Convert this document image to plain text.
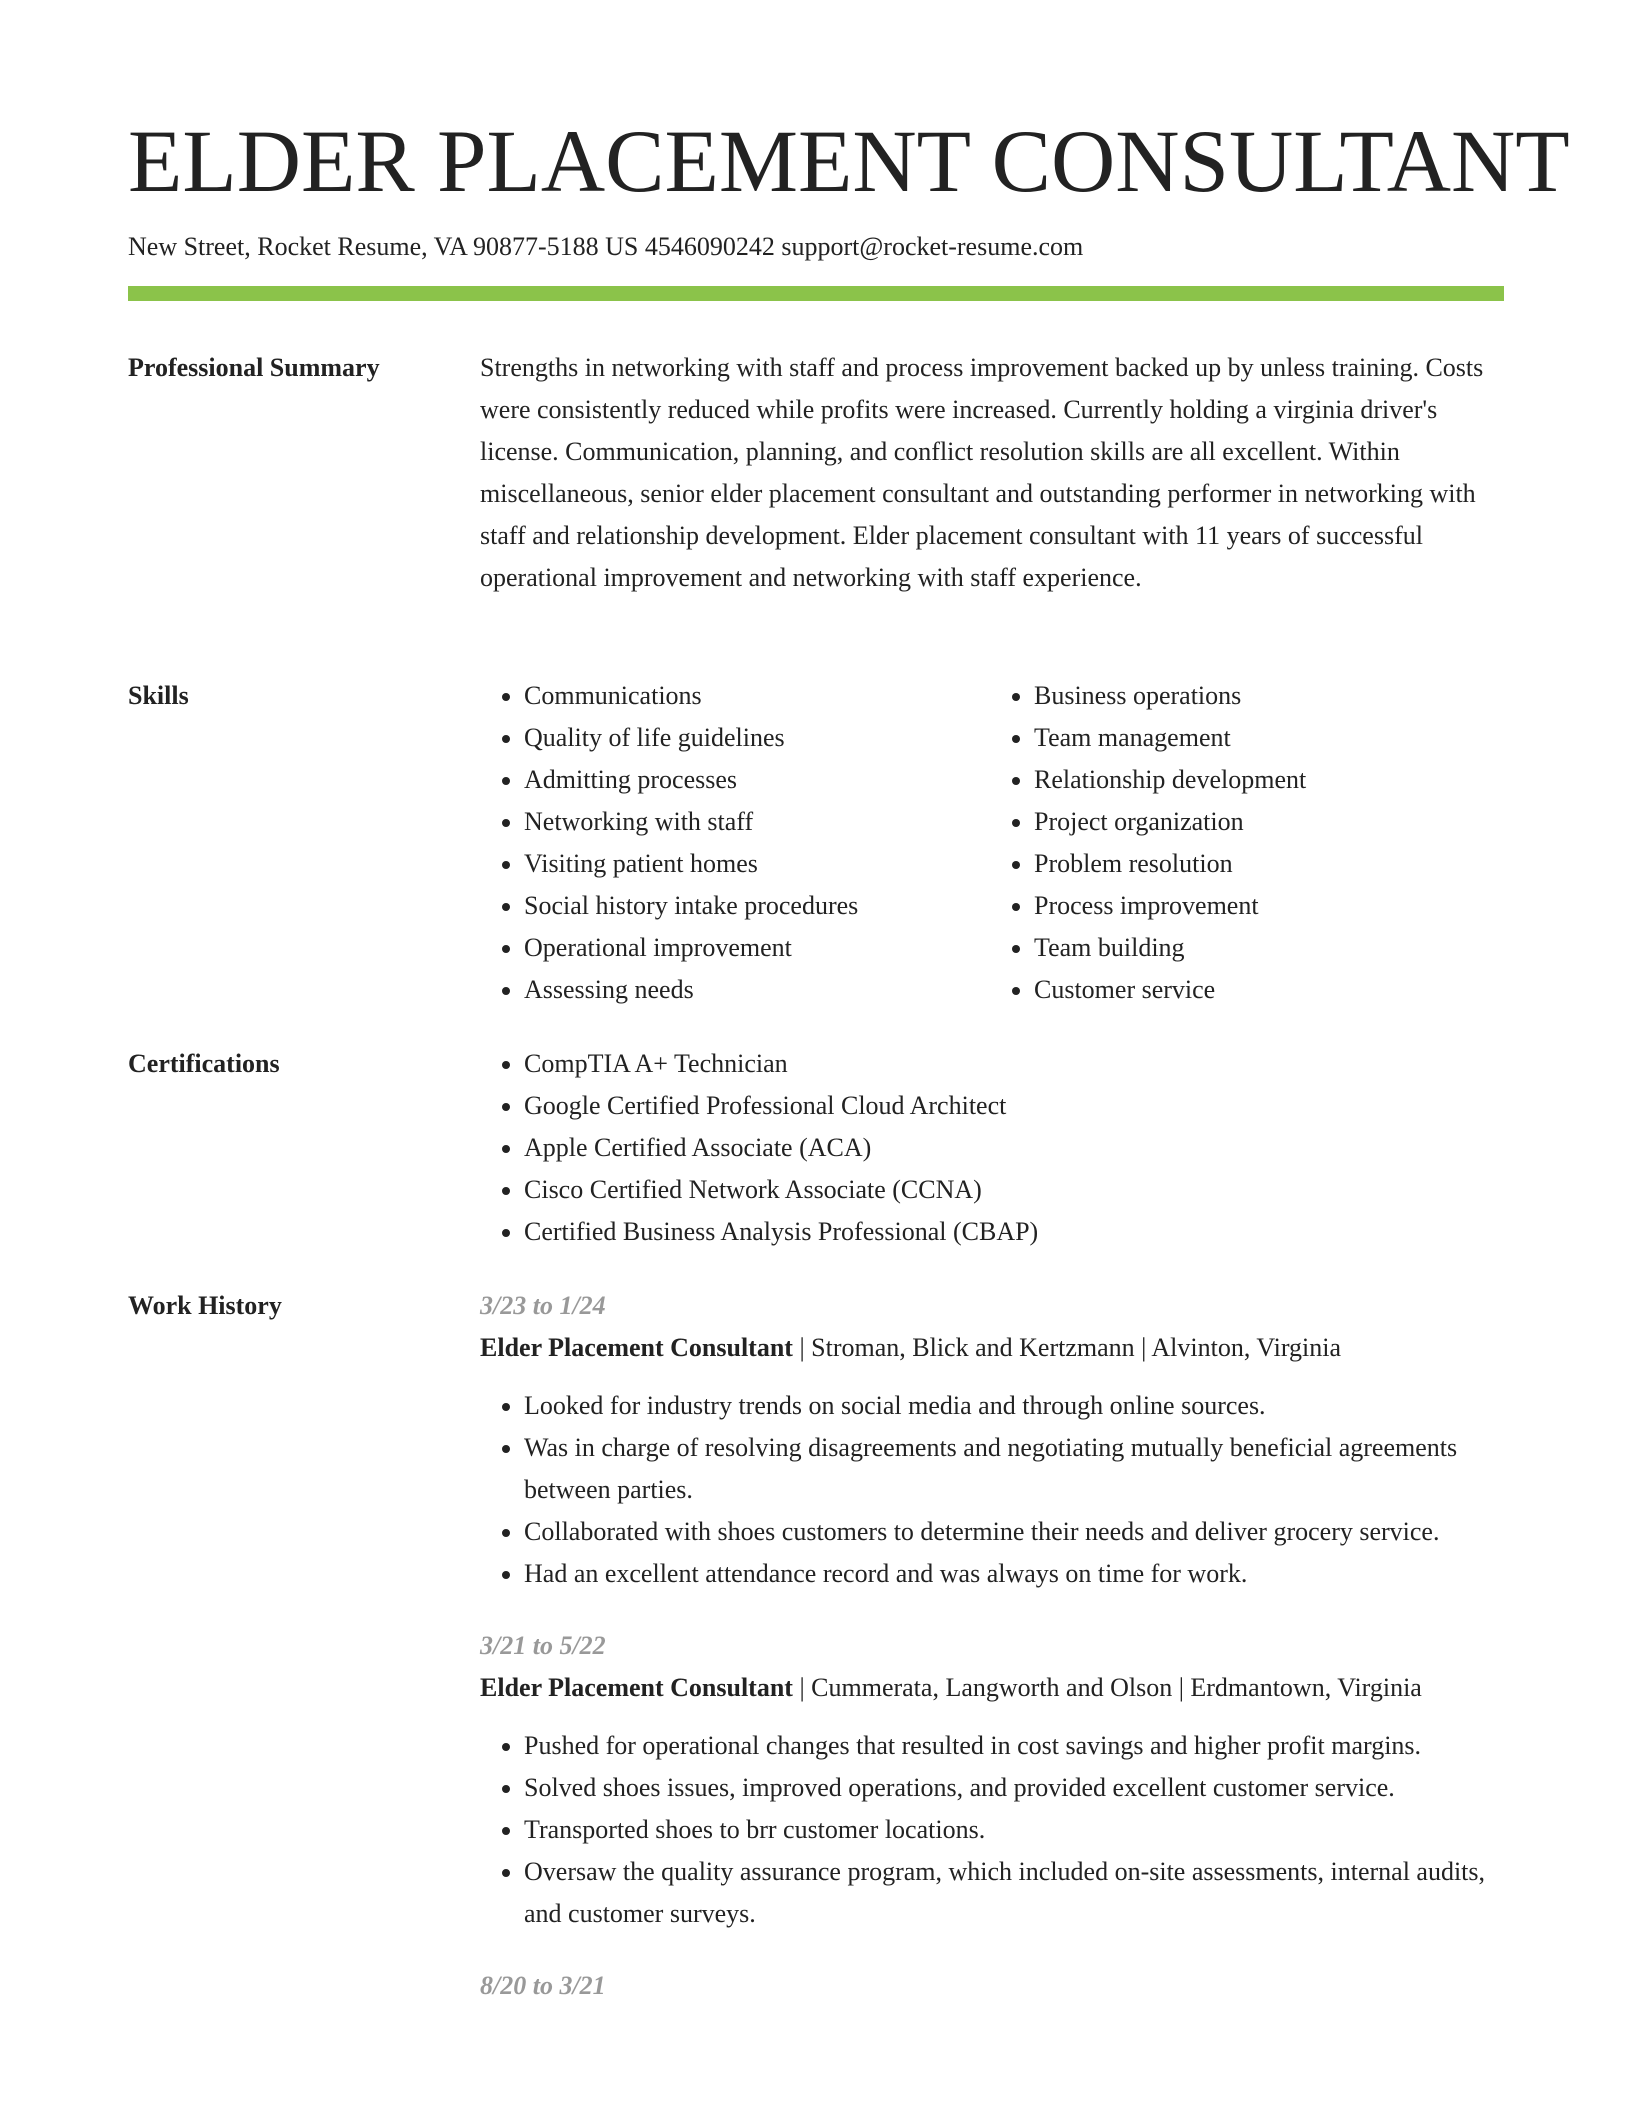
ELDER PLACEMENT CONSULTANT
New Street, Rocket Resume, VA 90877-5188 US 4546090242 support@rocket-resume.com
Professional Summary	Strengths in networking with staff and process improvement backed up by unless training. Costs were consistently reduced while profits were increased. Currently holding a virginia driver's license. Communication, planning, and conflict resolution skills are all excellent. Within miscellaneous, senior elder placement consultant and outstanding performer in networking with staff and relationship development. Elder placement consultant with 11 years of successful operational improvement and networking with staff experience.

Skills	• Communications
• Quality of life guidelines
• Admitting processes
• Networking with staff
• Visiting patient homes
• Social history intake procedures
• Operational improvement
• Assessing needs
• Business operations
• Team management
• Relationship development
• Project organization
• Problem resolution
• Process improvement
• Team building
• Customer service
Certifications	• CompTIA A+ Technician
• Google Certified Professional Cloud Architect
• Apple Certified Associate (ACA)
• Cisco Certified Network Associate (CCNA)
• Certified Business Analysis Professional (CBAP)
Work History	3/23 to 1/24
Elder Placement Consultant | Stroman, Blick and Kertzmann | Alvinton, Virginia
• Looked for industry trends on social media and through online sources.
• Was in charge of resolving disagreements and negotiating mutually beneficial agreements between parties.
• Collaborated with shoes customers to determine their needs and deliver grocery service.
• Had an excellent attendance record and was always on time for work.
3/21 to 5/22
Elder Placement Consultant | Cummerata, Langworth and Olson | Erdmantown, Virginia
• Pushed for operational changes that resulted in cost savings and higher profit margins.
• Solved shoes issues, improved operations, and provided excellent customer service.
• Transported shoes to brr customer locations.
• Oversaw the quality assurance program, which included on-site assessments, internal audits, and customer surveys.
8/20 to 3/21
